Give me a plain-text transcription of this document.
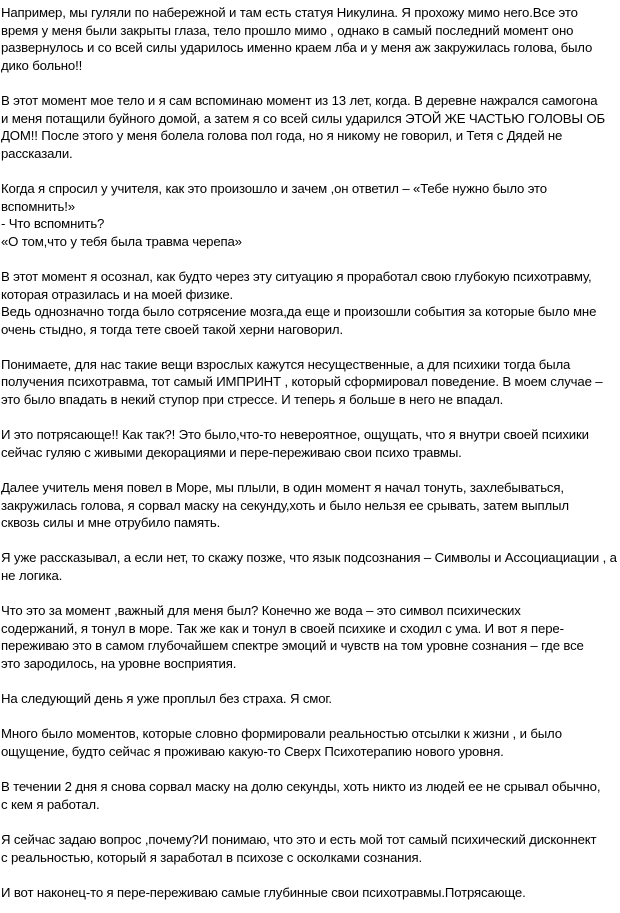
Например, мы гуляли по набережной и там есть статуя Никулина. Я прохожу мимо него.Все это
время у меня были закрыты глаза, тело прошло мимо , однако в самый последний момент оно
развернулось и со всей силы ударилось именно краем лба и у меня аж закружилась голова, было
дико больно!!
В этот момент мое тело и я сам вспоминаю момент из 13 лет, когда. В деревне нажрался самогона
и меня потащили буйного домой, а затем я со всей силы ударился ЭТОЙ ЖЕ ЧАСТЬЮ ГОЛОВЫ ОБ
ДОМ!! После этого у меня болела голова пол года, но я никому не говорил, и Тетя с Дядей не
рассказали.
Когда я спросил у учителя, как это произошло и зачем ,он ответил – «Тебе нужно было это
вспомнить!»
- Что вспомнить?
«О том,что у тебя была травма черепа»
В этот момент я осознал, как будто через эту ситуацию я проработал свою глубокую психотравму,
которая отразилась и на моей физике.
Ведь однозначно тогда было сотрясение мозга,да еще и произошли события за которые было мне
очень стыдно, я тогда тете своей такой херни наговорил.
Понимаете, для нас такие вещи взрослых кажутся несущественные, а для психики тогда была
получения психотравма, тот самый ИМПРИНТ , который сформировал поведение. В моем случае –
это было впадать в некий ступор при стрессе. И теперь я больше в него не впадал.
И это потрясающе!! Как так?! Это было,что-то невероятное, ощущать, что я внутри своей психики
сейчас гуляю с живыми декорациями и пере-переживаю свои психо травмы.
Далее учитель меня повел в Море, мы плыли, в один момент я начал тонуть, захлебываться,
закружилась голова, я сорвал маску на секунду,хоть и было нельзя ее срывать, затем выплыл
сквозь силы и мне отрубило память.
Я уже рассказывал, а если нет, то скажу позже, что язык подсознания – Символы и Ассоциациации , а
не логика.
Что это за момент ,важный для меня был? Конечно же вода – это символ психических
содержаний, я тонул в море. Так же как и тонул в своей психике и сходил с ума. И вот я пере-
переживаю это в самом глубочайшем спектре эмоций и чувств на том уровне сознания – где все
это зародилось, на уровне восприятия.
На следующий день я уже проплыл без страха. Я смог.
Много было моментов, которые словно формировали реальностью отсылки к жизни , и было
ощущение, будто сейчас я проживаю какую-то Сверх Психотерапию нового уровня.
В течении 2 дня я снова сорвал маску на долю секунды, хоть никто из людей ее не срывал обычно,
с кем я работал.
Я сейчас задаю вопрос ,почему?И понимаю, что это и есть мой тот самый психический дисконнект
с реальностью, который я заработал в психозе с осколками сознания.
И вот наконец-то я пере-переживаю самые глубинные свои психотравмы.Потрясающе.
